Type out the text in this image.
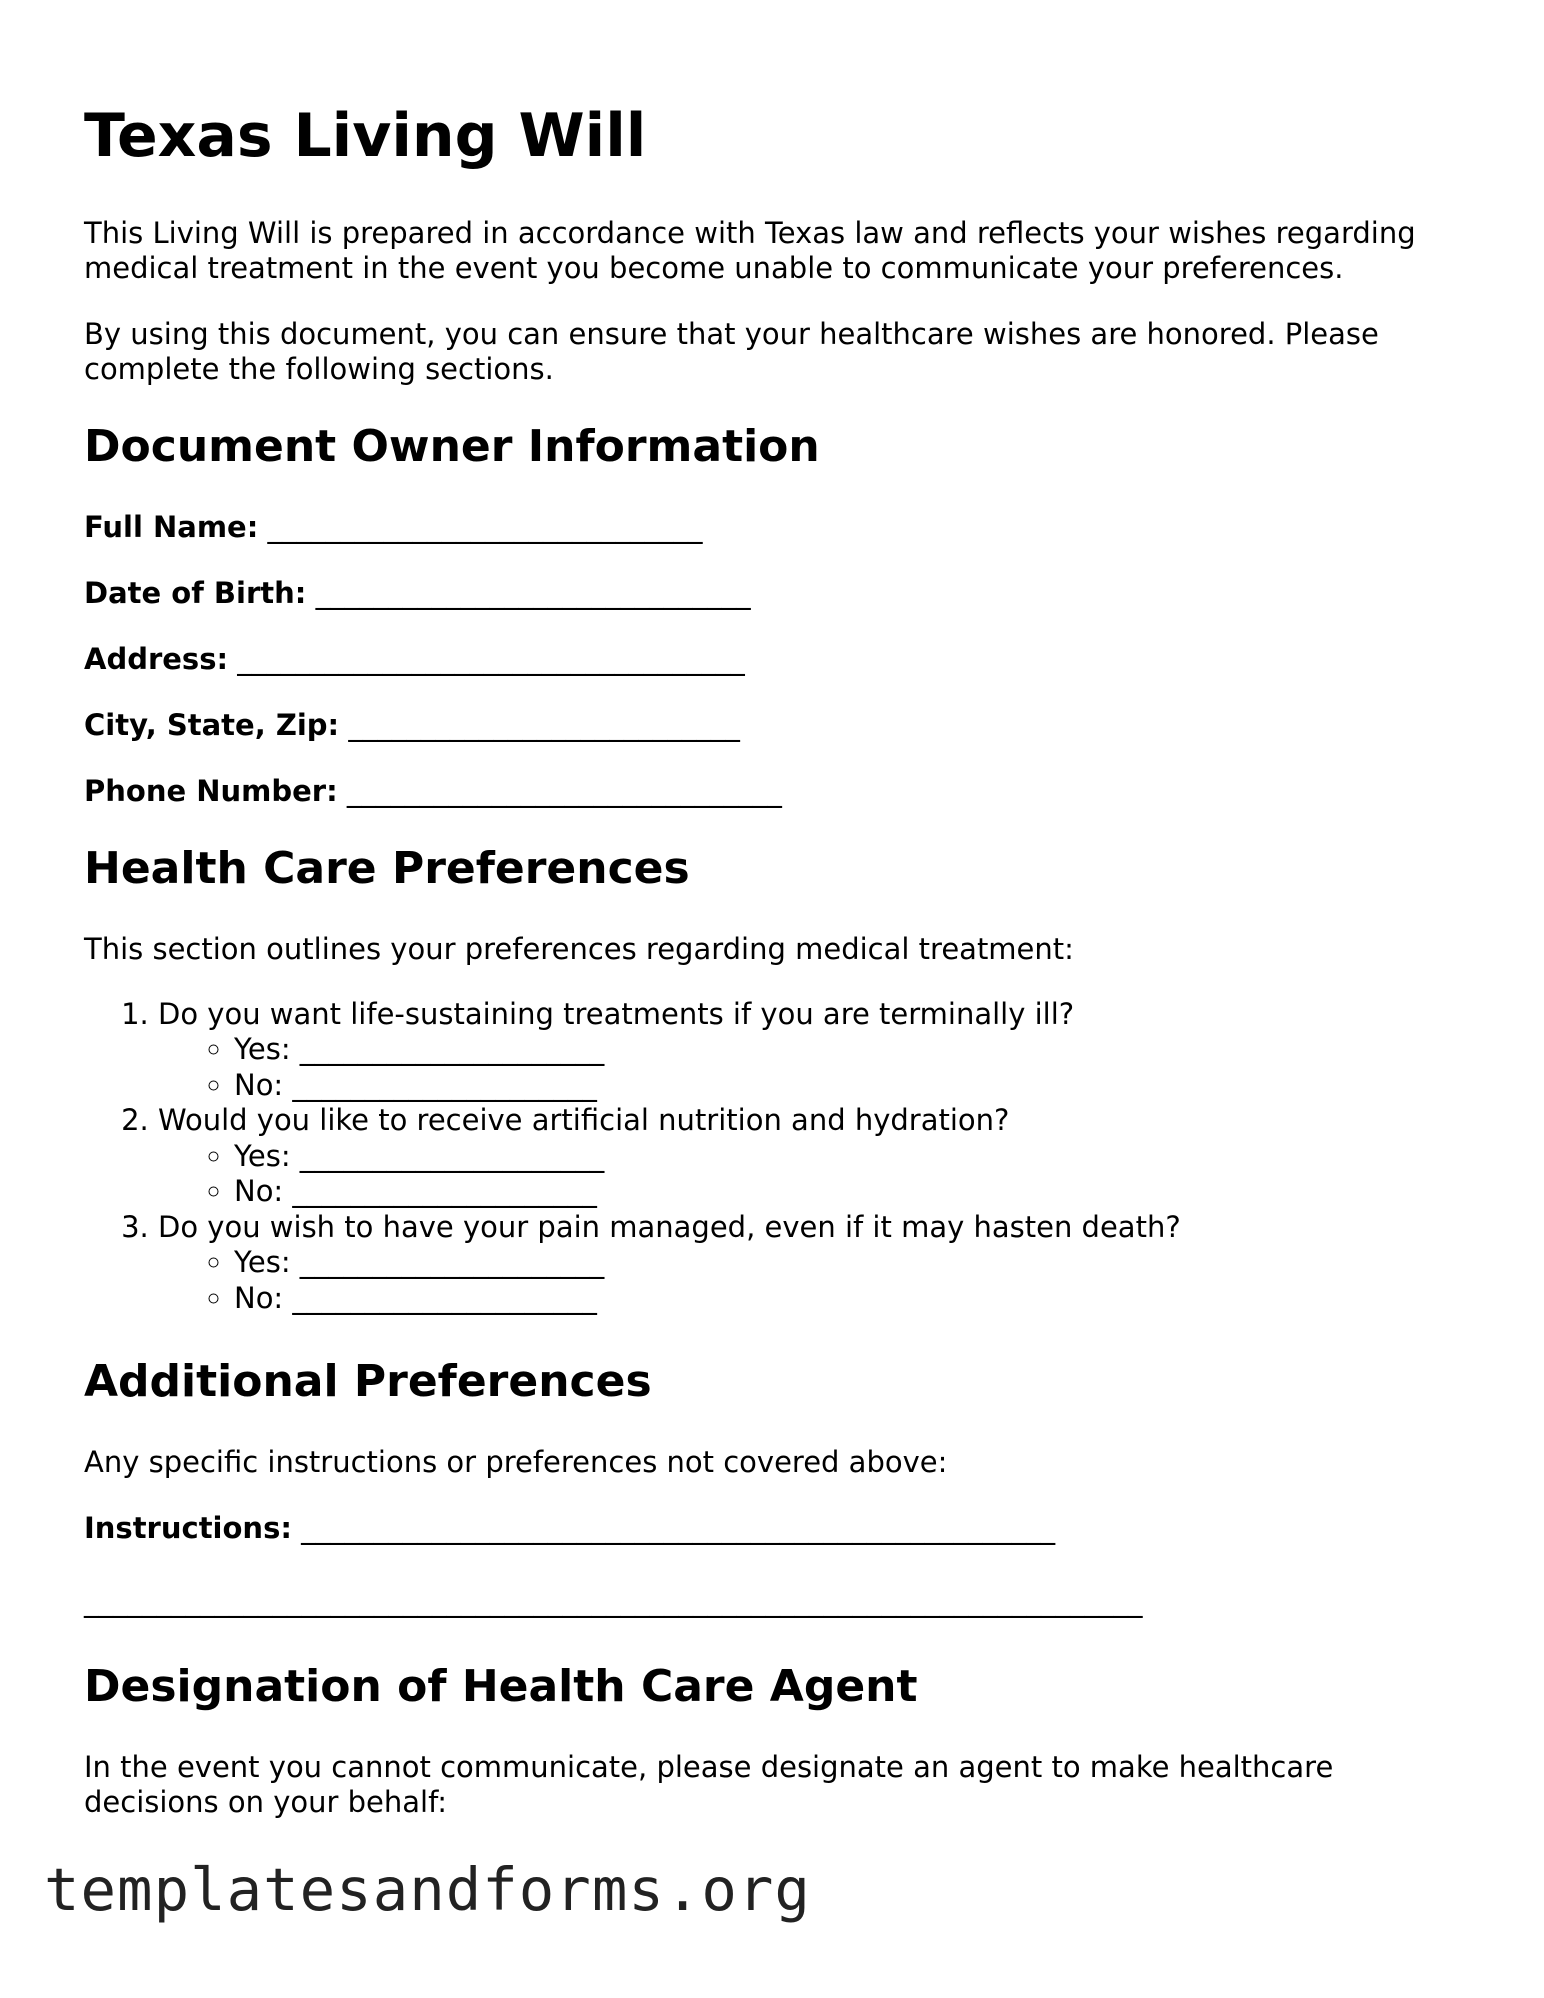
Texas Living Will

This Living Will is prepared in accordance with Texas law and reflects your wishes regarding medical treatment in the event you become unable to communicate your preferences.

By using this document, you can ensure that your healthcare wishes are honored. Please complete the following sections.

Document Owner Information
Full Name: ______________________________
Date of Birth: ______________________________
Address: ___________________________________
City, State, Zip: ___________________________
Phone Number: ______________________________
Health Care Preferences

This section outlines your preferences regarding medical treatment:

1. Do you want life-sustaining treatments if you are terminally ill?
◦ Yes: _____________________
◦ No: _____________________
2. Would you like to receive artificial nutrition and hydration?
◦ Yes: _____________________
◦ No: _____________________
3. Do you wish to have your pain managed, even if it may hasten death?
◦ Yes: _____________________
◦ No: _____________________
Additional Preferences

Any specific instructions or preferences not covered above:

Instructions: ____________________________________________________
_________________________________________________________________________
Designation of Health Care Agent

In the event you cannot communicate, please designate an agent to make healthcare decisions on your behalf:

templatesandforms.org
